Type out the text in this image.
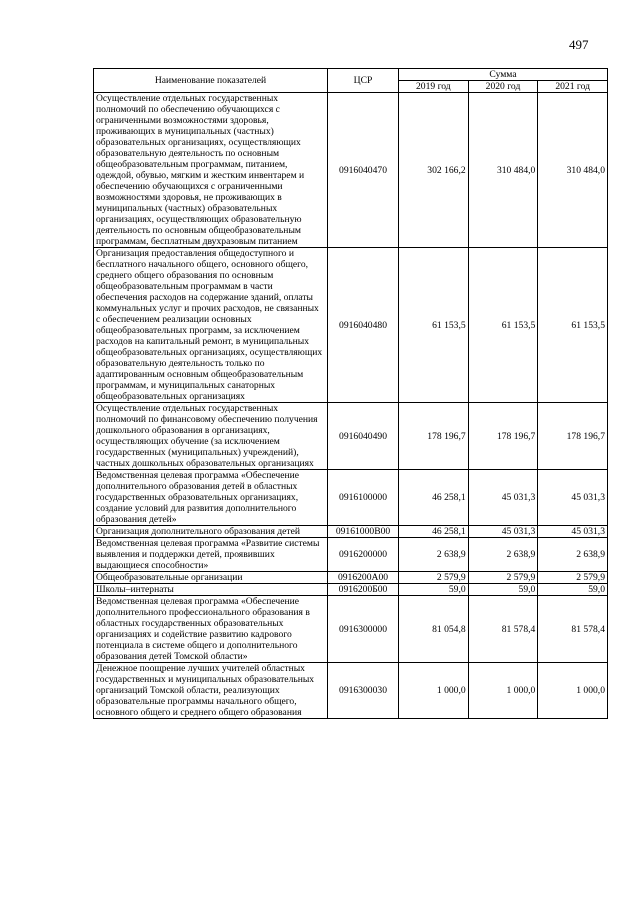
497
Наименование показателей	ЦСР	Сумма		
		2019 год	2020 год	2021 год
Осуществление отдельных государственных полномочий по обеспечению обучающихся с ограниченными возможностями здоровья, проживающих в муниципальных (частных) образовательных организациях, осуществляющих образовательную деятельность по основным общеобразовательным программам, питанием, одеждой, обувью, мягким и жестким инвентарем и обеспечению обучающихся с ограниченными возможностями здоровья, не проживающих в муниципальных (частных) образовательных организациях, осуществляющих образовательную деятельность по основным общеобразовательным программам, бесплатным двухразовым питанием	0916040470	302 166,2	310 484,0	310 484,0
Организация предоставления общедоступного и бесплатного начального общего, основного общего, среднего общего образования по основным общеобразовательным программам в части обеспечения расходов на содержание зданий, оплаты коммунальных услуг и прочих расходов, не связанных с обеспечением реализации основных общеобразовательных программ, за исключением расходов на капитальный ремонт, в муниципальных общеобразовательных организациях, осуществляющих образовательную деятельность только по адаптированным основным общеобразовательным программам, и муниципальных санаторных общеобразовательных организациях	0916040480	61 153,5	61 153,5	61 153,5
Осуществление отдельных государственных полномочий по финансовому обеспечению получения дошкольного образования в организациях, осуществляющих обучение (за исключением государственных (муниципальных) учреждений), частных дошкольных образовательных организациях	0916040490	178 196,7	178 196,7	178 196,7
Ведомственная целевая программа «Обеспечение дополнительного образования детей в областных государственных образовательных организациях, создание условий для развития дополнительного образования детей»	0916100000	46 258,1	45 031,3	45 031,3
Организация дополнительного образования детей	09161000В00	46 258,1	45 031,3	45 031,3
Ведомственная целевая программа «Развитие системы выявления и поддержки детей, проявивших выдающиеся способности»	0916200000	2 638,9	2 638,9	2 638,9
Общеобразовательные организации	0916200А00	2 579,9	2 579,9	2 579,9
Школы–интернаты	0916200Б00	59,0	59,0	59,0
Ведомственная целевая программа «Обеспечение дополнительного профессионального образования в областных государственных образовательных организациях и содействие развитию кадрового потенциала в системе общего и дополнительного образования детей Томской области»	0916300000	81 054,8	81 578,4	81 578,4
Денежное поощрение лучших учителей областных государственных и муниципальных образовательных организаций Томской области, реализующих образовательные программы начального общего, основного общего и среднего общего образования	0916300030	1 000,0	1 000,0	1 000,0
